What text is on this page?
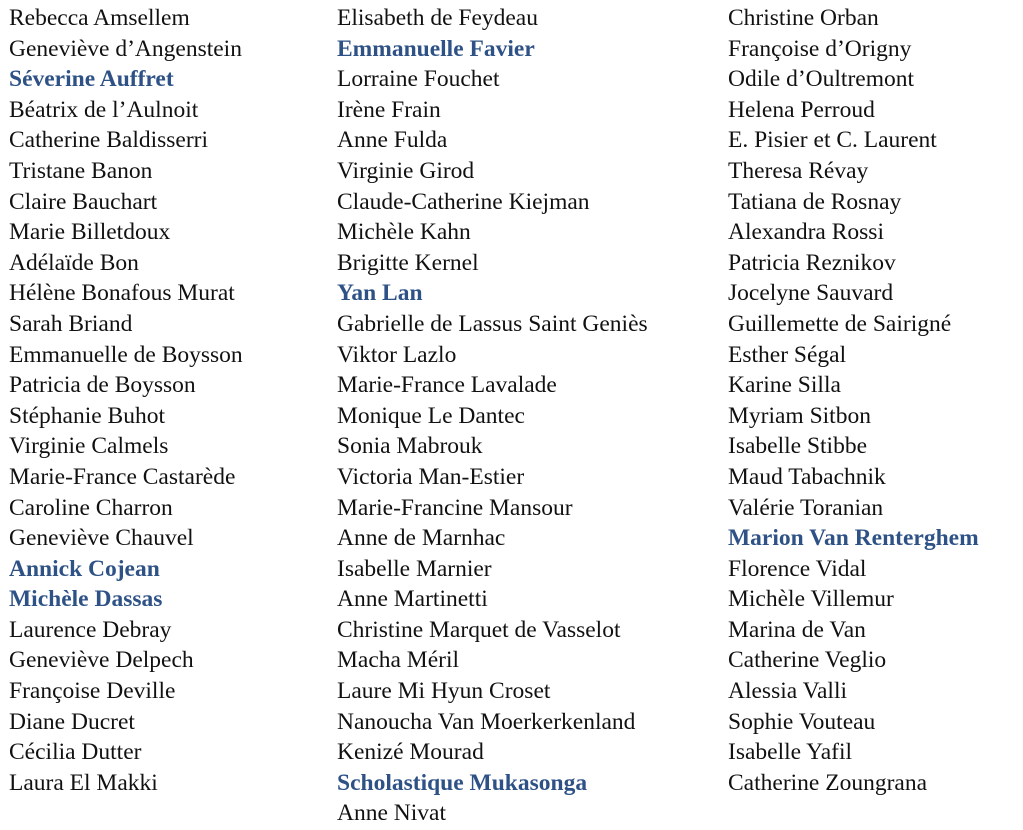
Rebecca Amsellem
Geneviève d’Angenstein
Séverine Auffret
Béatrix de l’Aulnoit
Catherine Baldisserri
Tristane Banon
Claire Bauchart
Marie Billetdoux
Adélaïde Bon
Hélène Bonafous Murat
Sarah Briand
Emmanuelle de Boysson
Patricia de Boysson
Stéphanie Buhot
Virginie Calmels
Marie-France Castarède
Caroline Charron
Geneviève Chauvel
Annick Cojean
Michèle Dassas
Laurence Debray
Geneviève Delpech
Françoise Deville
Diane Ducret
Cécilia Dutter
Laura El Makki
Elisabeth de Feydeau
Emmanuelle Favier
Lorraine Fouchet
Irène Frain
Anne Fulda
Virginie Girod
Claude-Catherine Kiejman
Michèle Kahn
Brigitte Kernel
Yan Lan
Gabrielle de Lassus Saint Geniès
Viktor Lazlo
Marie-France Lavalade
Monique Le Dantec
Sonia Mabrouk
Victoria Man-Estier
Marie-Francine Mansour
Anne de Marnhac
Isabelle Marnier
Anne Martinetti
Christine Marquet de Vasselot
Macha Méril
Laure Mi Hyun Croset
Nanoucha Van Moerkerkenland
Kenizé Mourad
Scholastique Mukasonga
Anne Nivat
Christine Orban
Françoise d’Origny
Odile d’Oultremont
Helena Perroud
E. Pisier et C. Laurent
Theresa Révay
Tatiana de Rosnay
Alexandra Rossi
Patricia Reznikov
Jocelyne Sauvard
Guillemette de Sairigné
Esther Ségal
Karine Silla
Myriam Sitbon
Isabelle Stibbe
Maud Tabachnik
Valérie Toranian
Marion Van Renterghem
Florence Vidal
Michèle Villemur
Marina de Van
Catherine Veglio
Alessia Valli
Sophie Vouteau
Isabelle Yafil
Catherine Zoungrana
